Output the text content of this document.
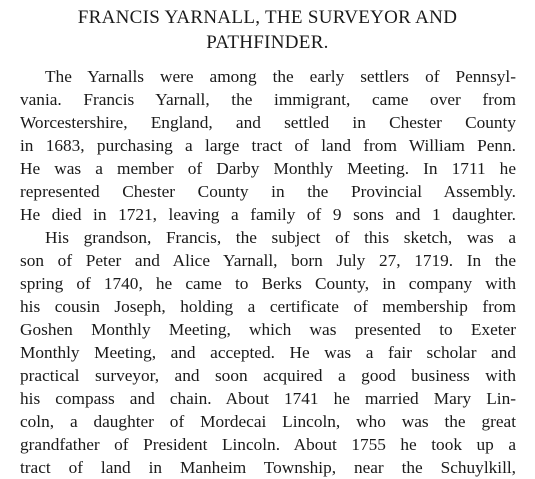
FRANCIS YARNALL, THE SURVEYOR AND
PATHFINDER.
The Yarnalls were among the early settlers of Pennsyl-
vania. Francis Yarnall, the immigrant, came over from
Worcestershire, England, and settled in Chester County
in 1683, purchasing a large tract of land from William Penn.
He was a member of Darby Monthly Meeting. In 1711 he
represented Chester County in the Provincial Assembly.
He died in 1721, leaving a family of 9 sons and 1 daughter.
His grandson, Francis, the subject of this sketch, was a
son of Peter and Alice Yarnall, born July 27, 1719. In the
spring of 1740, he came to Berks County, in company with
his cousin Joseph, holding a certificate of membership from
Goshen Monthly Meeting, which was presented to Exeter
Monthly Meeting, and accepted. He was a fair scholar and
practical surveyor, and soon acquired a good business with
his compass and chain. About 1741 he married Mary Lin-
coln, a daughter of Mordecai Lincoln, who was the great
grandfather of President Lincoln. About 1755 he took up a
tract of land in Manheim Township, near the Schuylkill,
